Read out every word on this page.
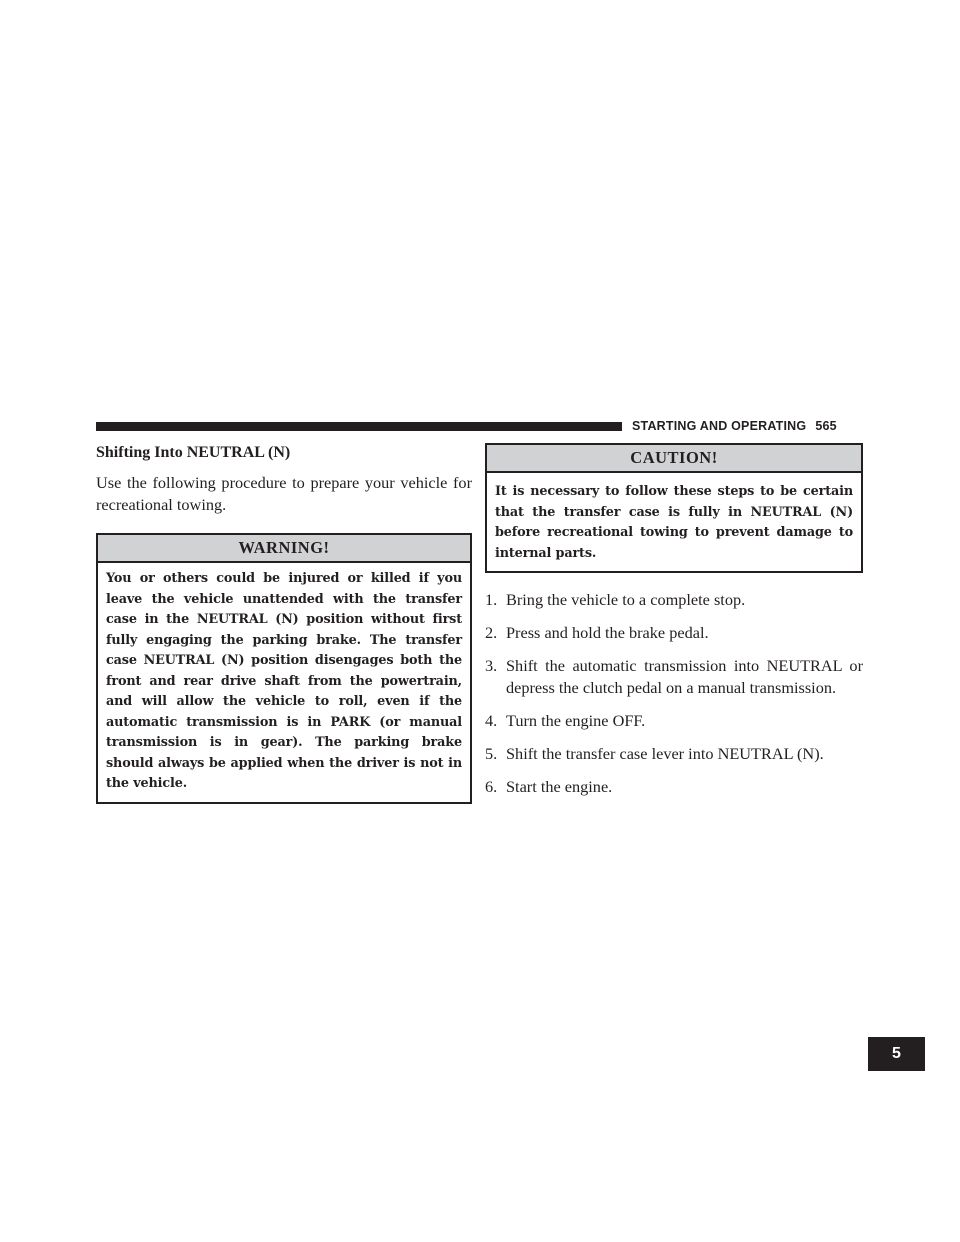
STARTING AND OPERATING 565
5
Shifting Into NEUTRAL (N)

Use the following procedure to prepare your vehicle for recreational towing.

WARNING!
You or others could be injured or killed if you leave the vehicle unattended with the transfer case in the NEUTRAL (N) position without first fully engaging the parking brake. The transfer case NEUTRAL (N) position disengages both the front and rear drive shaft from the powertrain, and will allow the vehicle to roll, even if the automatic transmission is in PARK (or manual transmission is in gear). The parking brake should always be applied when the driver is not in the vehicle.
CAUTION!
It is necessary to follow these steps to be certain that the transfer case is fully in NEUTRAL (N) before recreational towing to prevent damage to internal parts.
1. Bring the vehicle to a complete stop.
2. Press and hold the brake pedal.
3. Shift the automatic transmission into NEUTRAL or depress the clutch pedal on a manual transmission.
4. Turn the engine OFF.
5. Shift the transfer case lever into NEUTRAL (N).
6. Start the engine.
